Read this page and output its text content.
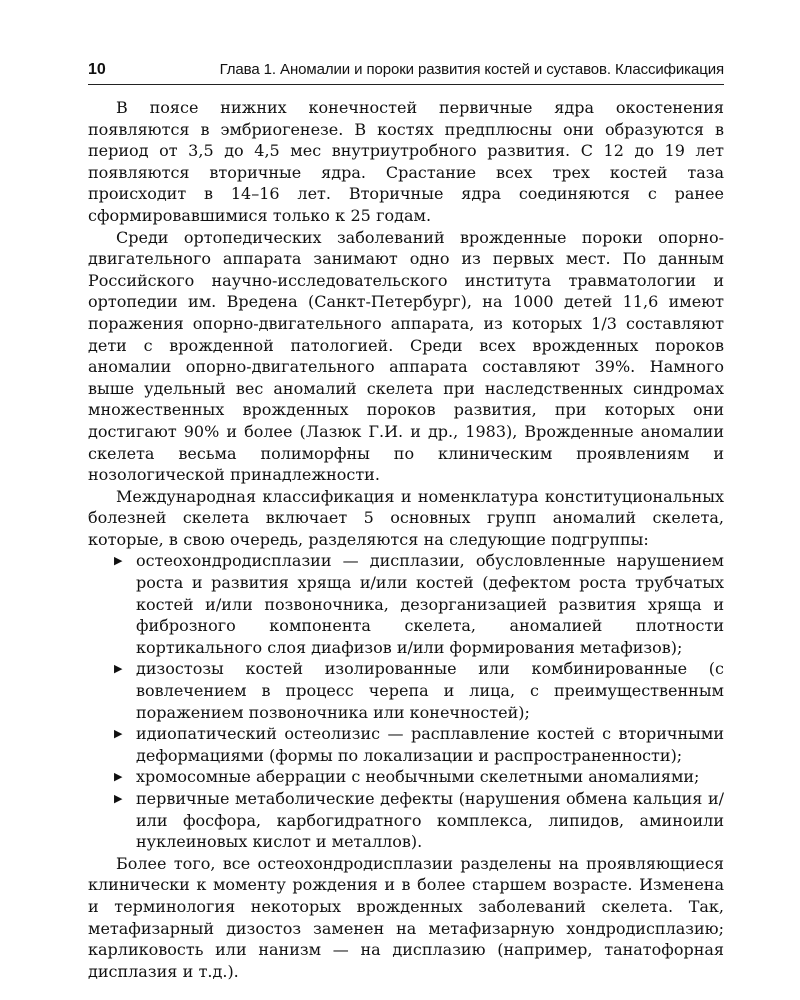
10	Глава 1. Аномалии и пороки развития костей и суставов. Классификация

В поясе нижних конечностей первичные ядра окостенения появляются в эмбриогенезе. В костях предплюсны они образуются в период от 3,5 до 4,5 мес внутриутробного развития. С 12 до 19 лет появляются вторичные ядра. Срастание всех трех костей таза происходит в 14–16 лет. Вторичные ядра соединяются с ранее сформировавшимися только к 25 годам.

Среди ортопедических заболеваний врожденные пороки опорно-двигательного аппарата занимают одно из первых мест. По данным Российского научно-исследовательского института травматологии и ортопедии им. Вредена (Санкт-Петербург), на 1000 детей 11,6 имеют поражения опорно-двигательного аппарата, из которых 1/3 составляют дети с врожденной патологией. Среди всех врожденных пороков аномалии опорно-двигательного аппарата составляют 39%. Намного выше удельный вес аномалий скелета при наследственных синдромах множественных врожденных пороков развития, при которых они достигают 90% и более (Лазюк Г.И. и др., 1983), Врожденные аномалии скелета весьма полиморфны по клиническим проявлениям и нозологической принадлежности.

Международная классификация и номенклатура конституциональных болезней скелета включает 5 основных групп аномалий скелета, которые, в свою очередь, разделяются на следующие подгруппы:

▶ остеохондродисплазии — дисплазии, обусловленные нарушением роста и развития хряща и/или костей (дефектом роста трубчатых костей и/или позвоночника, дезорганизацией развития хряща и фиброзного компонента скелета, аномалией плотности кортикального слоя диафизов и/или формирования метафизов);
▶ дизостозы костей изолированные или комбинированные (с вовлечением в процесс черепа и лица, с преимущественным поражением позвоночника или конечностей);
▶ идиопатический остеолизис — расплавление костей с вторичными деформациями (формы по локализации и распространенности);
▶ хромосомные аберрации с необычными скелетными аномалиями;
▶ первичные метаболические дефекты (нарушения обмена кальция и/или фосфора, карбогидратного комплекса, липидов, аминоили нуклеиновых кислот и металлов).

Более того, все остеохондродисплазии разделены на проявляющиеся клинически к моменту рождения и в более старшем возрасте. Изменена и терминология некоторых врожденных заболеваний скелета. Так, метафизарный дизостоз заменен на метафизарную хондродисплазию; карликовость или нанизм — на дисплазию (например, танатофорная дисплазия и т.д.).
